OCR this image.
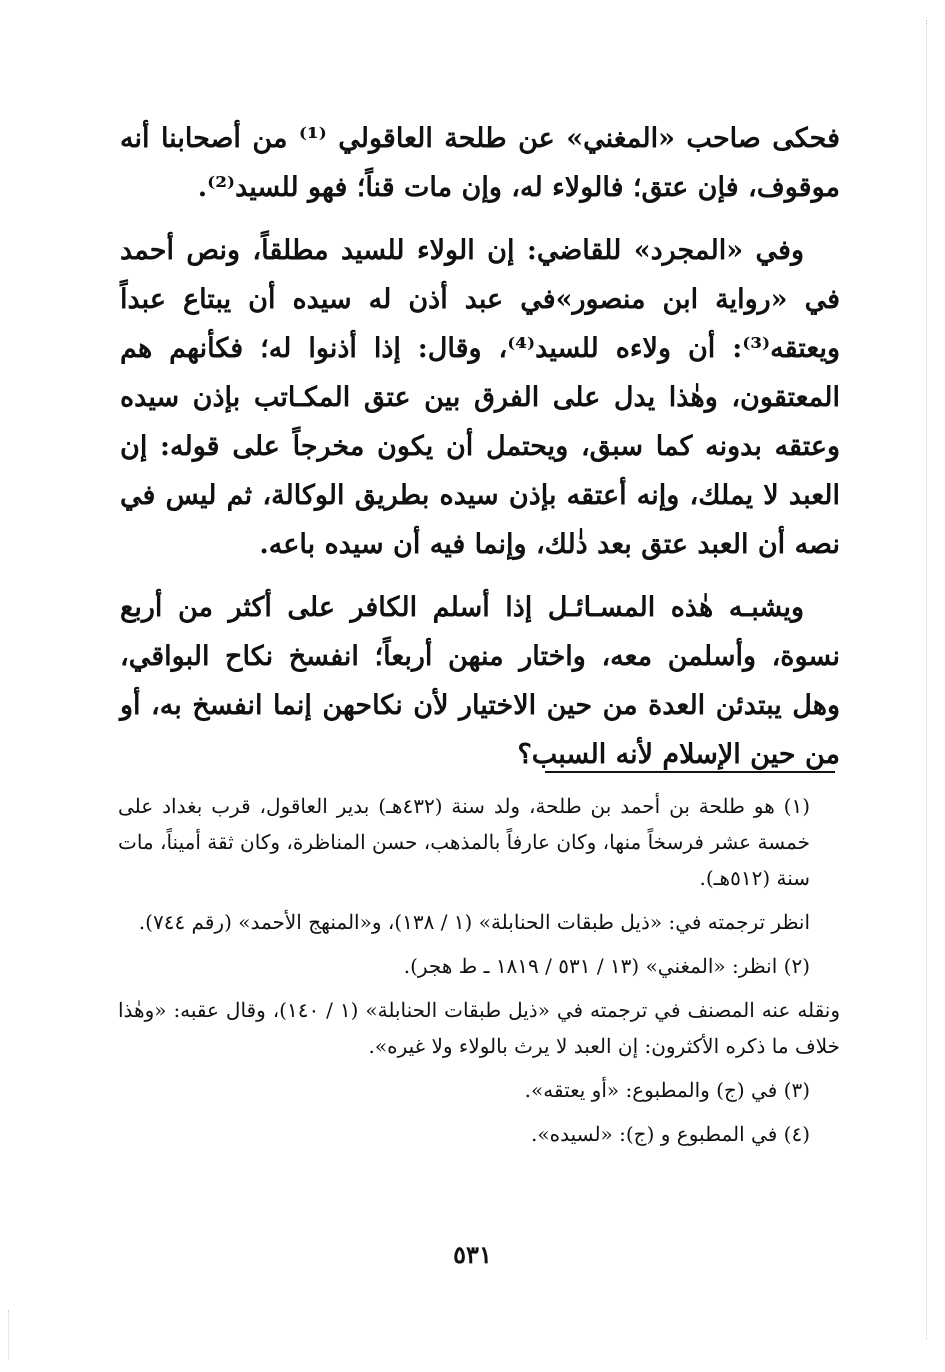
فحكى صاحب «المغني» عن طلحة العاقولي ⁽¹⁾ من أصحابنا أنه موقوف، فإن عتق؛ فالولاء له، وإن مات قناً؛ فهو للسيد⁽²⁾.

وفي «المجرد» للقاضي: إن الولاء للسيد مطلقاً، ونص أحمد في «رواية ابن منصور»في عبد أذن له سيده أن يبتاع عبداً ويعتقه⁽³⁾: أن ولاءه للسيد⁽⁴⁾، وقال: إذا أذنوا له؛ فكأنهم هم المعتقون، وهٰذا يدل على الفرق بين عتق المكـاتب بإذن سيده وعتقه بدونه كما سبق، ويحتمل أن يكون مخرجاً على قوله: إن العبد لا يملك، وإنه أعتقه بإذن سيده بطريق الوكالة، ثم ليس في نصه أن العبد عتق بعد ذٰلك، وإنما فيه أن سيده باعه.

ويشبـه هٰذه المسـائـل إذا أسلم الكافر على أكثر من أربع نسوة، وأسلمن معه، واختار منهن أربعاً؛ انفسخ نكاح البواقي، وهل يبتدئن العدة من حين الاختيار لأن نكاحهن إنما انفسخ به، أو من حين الإسلام لأنه السبب؟

(١) هو طلحة بن أحمد بن طلحة، ولد سنة (٤٣٢هـ) بدير العاقول، قرب بغداد على خمسة عشر فرسخاً منها، وكان عارفاً بالمذهب، حسن المناظرة، وكان ثقة أميناً، مات سنة (٥١٢هـ).

انظر ترجمته في: «ذيل طبقات الحنابلة» (١ / ١٣٨)، و«المنهج الأحمد» (رقم ٧٤٤).

(٢) انظر: «المغني» (١٣ / ٥٣١ / ١٨١٩ ـ ط هجر).

ونقله عنه المصنف في ترجمته في «ذيل طبقات الحنابلة» (١ / ١٤٠)، وقال عقبه: «وهٰذا خلاف ما ذكره الأكثرون: إن العبد لا يرث بالولاء ولا غيره».

(٣) في (ج) والمطبوع: «أو يعتقه».

(٤) في المطبوع و (ج): «لسيده».

٥٣١
